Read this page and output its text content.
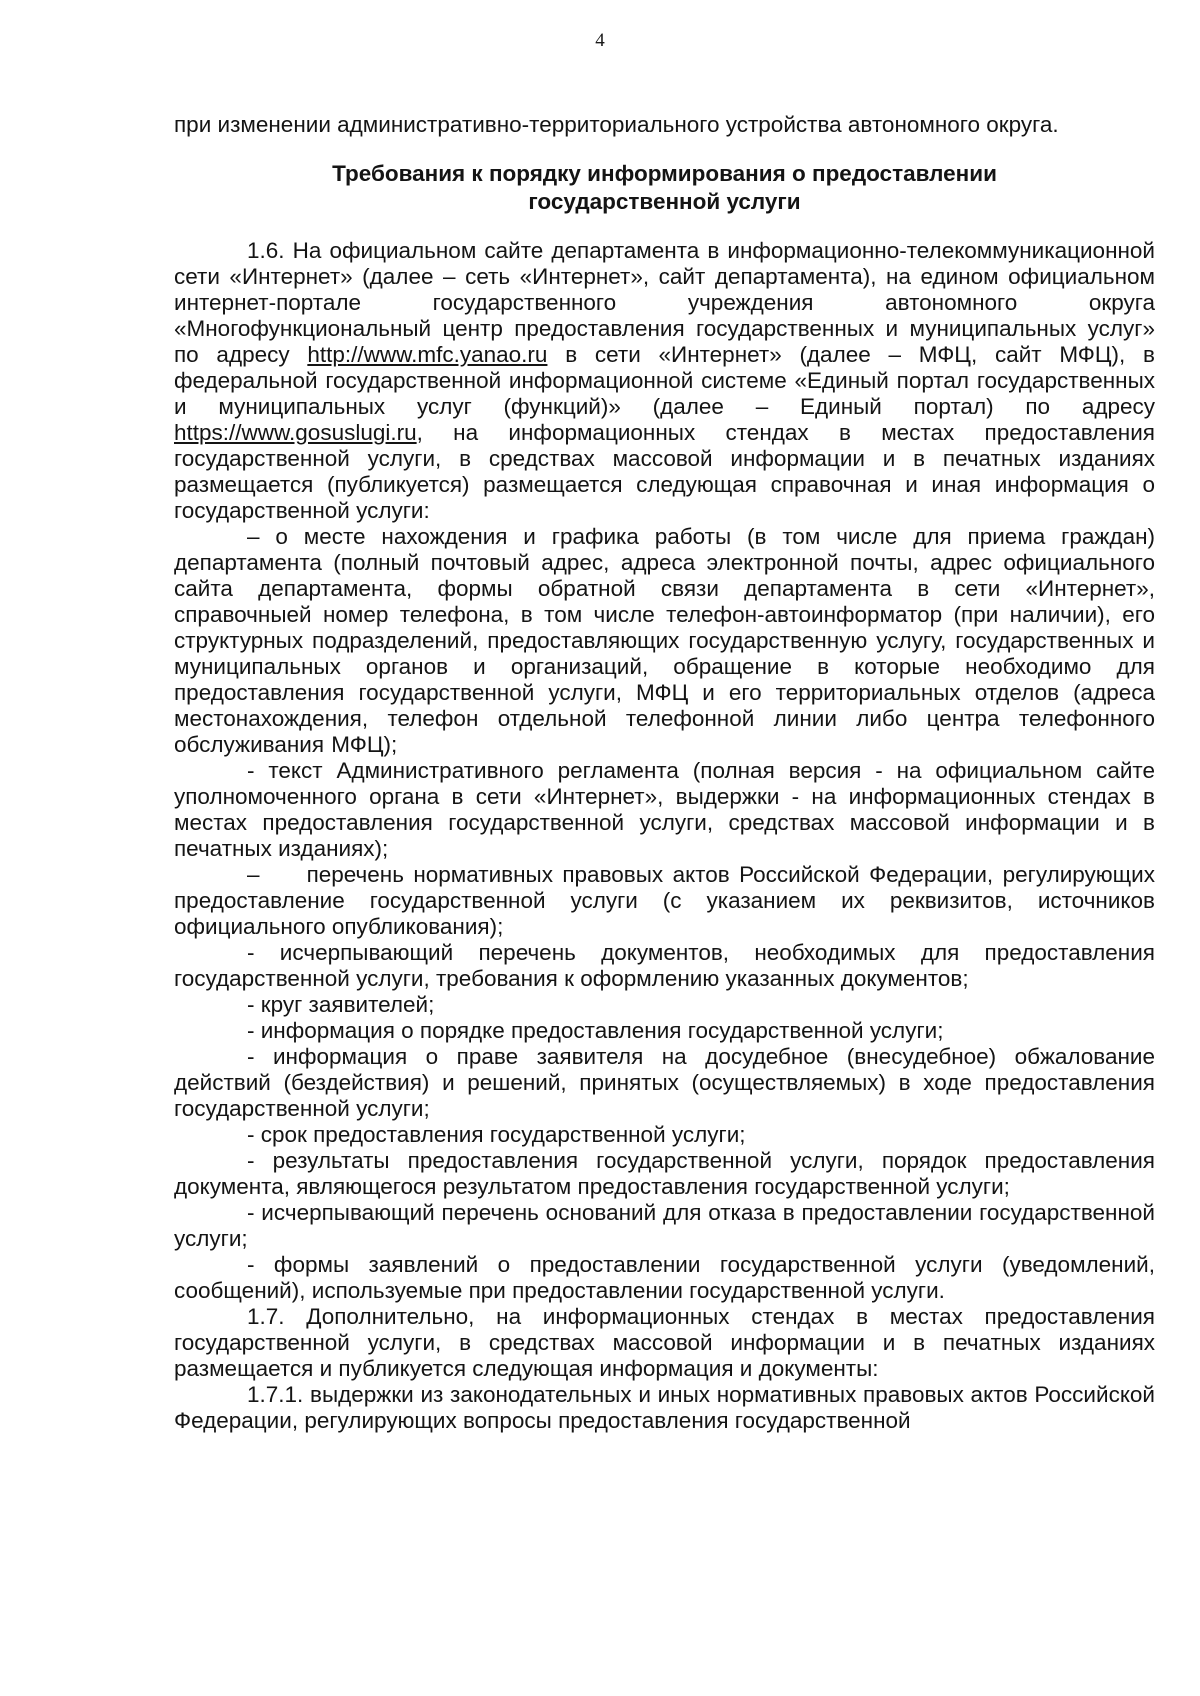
4

при изменении административно-территориального устройства автономного округа.

Требования к порядку информирования о предоставлении
государственной услуги

1.6. На официальном сайте департамента в информационно-телекоммуникационной сети «Интернет» (далее – сеть «Интернет», сайт департамента), на едином официальном интернет-портале государственного учреждения автономного округа «Многофункциональный центр предоставления государственных и муниципальных услуг» по адресу http://www.mfc.yanao.ru в сети «Интернет» (далее – МФЦ, сайт МФЦ), в федеральной государственной информационной системе «Единый портал государственных и муниципальных услуг (функций)» (далее – Единый портал) по адресу https://www.gosuslugi.ru, на информационных стендах в местах предоставления государственной услуги, в средствах массовой информации и в печатных изданиях размещается (публикуется) размещается следующая справочная и иная информация о государственной услуги:

– о месте нахождения и графика работы (в том числе для приема граждан) департамента (полный почтовый адрес, адреса электронной почты, адрес официального сайта департамента, формы обратной связи департамента в сети «Интернет», справочныей номер телефона, в том числе телефон-автоинформатор (при наличии), его структурных подразделений, предоставляющих государственную услугу, государственных и муниципальных органов и организаций, обращение в которые необходимо для предоставления государственной услуги, МФЦ и его территориальных отделов (адреса местонахождения, телефон отдельной телефонной линии либо центра телефонного обслуживания МФЦ);

- текст Административного регламента (полная версия - на официальном сайте уполномоченного органа в сети «Интернет», выдержки - на информационных стендах в местах предоставления государственной услуги, средствах массовой информации и в печатных изданиях);

–     перечень нормативных правовых актов Российской Федерации, регулирующих предоставление государственной услуги (с указанием их реквизитов, источников официального опубликования);

- исчерпывающий перечень документов, необходимых для предоставления государственной услуги, требования к оформлению указанных документов;

- круг заявителей;

- информация о порядке предоставления государственной услуги;

- информация о праве заявителя на досудебное (внесудебное) обжалование действий (бездействия) и решений, принятых (осуществляемых) в ходе предоставления государственной услуги;

- срок предоставления государственной услуги;

- результаты предоставления государственной услуги, порядок предоставления документа, являющегося результатом предоставления государственной услуги;

- исчерпывающий перечень оснований для отказа в предоставлении государственной услуги;

- формы заявлений о предоставлении государственной услуги (уведомлений, сообщений), используемые при предоставлении государственной услуги.

1.7. Дополнительно, на информационных стендах в местах предоставления государственной услуги, в средствах массовой информации и в печатных изданиях размещается и публикуется следующая информация и документы:

1.7.1. выдержки из законодательных и иных нормативных правовых актов Российской Федерации, регулирующих вопросы предоставления государственной
